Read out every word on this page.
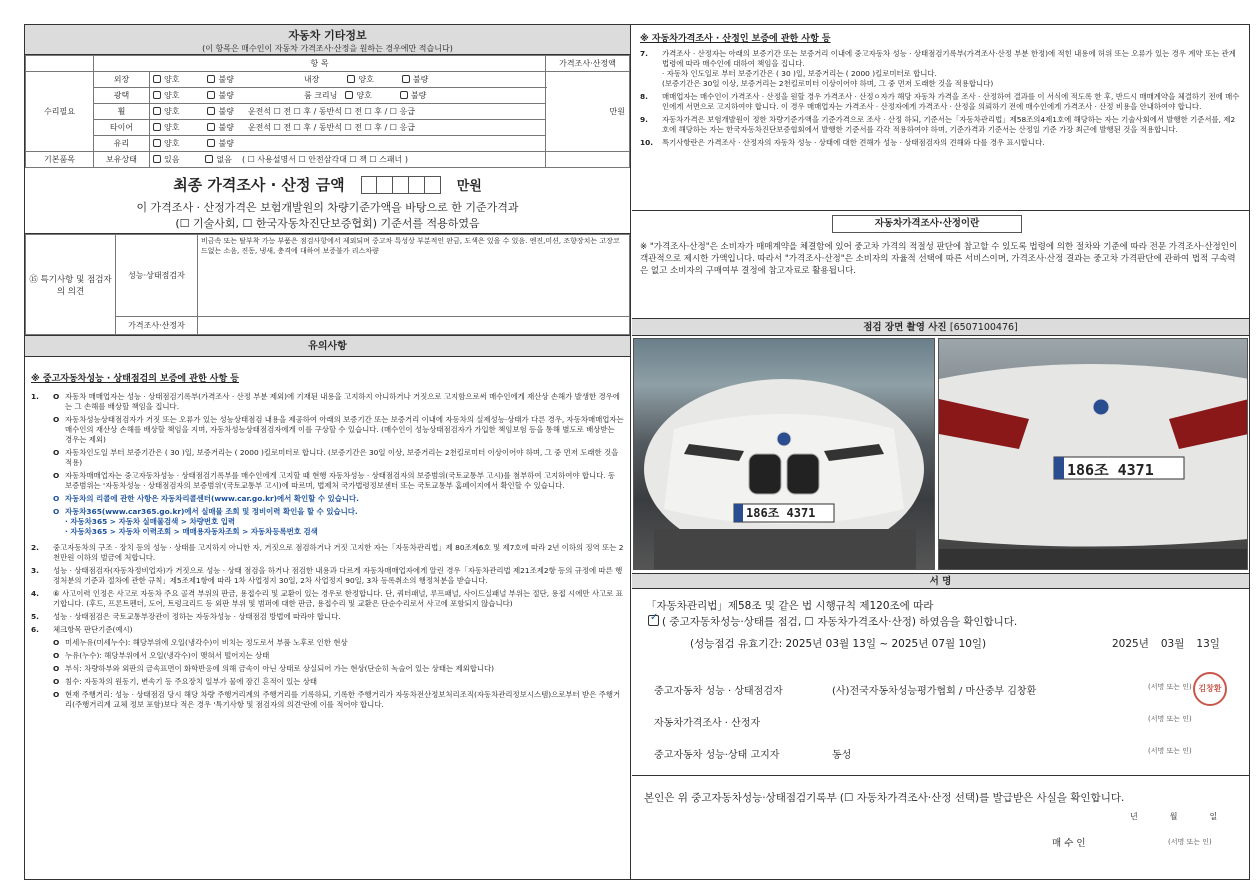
자동차 기타정보
(이 항목은 매수인이 자동차 가격조사·산정을 원하는 경우에만 적습니다)
	항 목		가격조사·산정액
수리필요	외장	양호 불량 내장 양호 불량	만원
	광택	양호 불량 룸 크리닝 양호 불량	
	휠	양호 불량 운전석 ☐ 전 ☐ 후 / 동반석 ☐ 전 ☐ 후 / ☐ 응급	
	타이어	양호 불량 운전석 ☐ 전 ☐ 후 / 동반석 ☐ 전 ☐ 후 / ☐ 응급	
	유리	양호 불량	
기본품목	보유상태	있음 없음 ( ☐ 사용설명서 ☐ 안전삼각대 ☐ 잭 ☐ 스패너 )	
최종 가격조사 · 산정 금액	만원
이 가격조사 · 산정가격은 보험개발원의 차량기준가액을 바탕으로 한 기준가격과
(☐ 기술사회, ☐ 한국자동차진단보증협회) 기준서를 적용하였음
⑮ 특기사항 및 점검자의 의견	성능·상태점검자	비금속 또는 탈부착 가능 부품은 점검사항에서 제외되며 중고차 특성상 부분적인 판금, 도색은 있을 수 있음. 엔진,미션, 조향장치는 고장코드없는 소음, 진동, 냉새, 충격에 대하여 보증불가 리스차량
	가격조사·산정자	
유의사항
※ 중고자동차성능 · 상태점검의 보증에 관한 사항 등
1.	O 자동차 매매업자는 성능 · 상태점검기록부(가격조사 · 산정 부분 제외)에 기재된 내용을 고지하지 아니하거나 거짓으로 고지함으로써 매수인에게 재산상 손해가 발생한 경우에는 그 손해를 배상할 책임을 집니다.
O 자동차성능상태점검자가 거짓 또는 오류가 있는 성능상태점검 내용을 제공하여 아래의 보증기간 또는 보증거리 이내에 자동차의 실제성능·상태가 다른 경우, 자동차매매업자는 매수인의 재산상 손해를 배상할 책임을 지며, 자동차성능상태점검자에게 이를 구상할 수 있습니다. (매수인이 성능상태점검자가 가입한 책임보험 등을 통해 별도로 배상받는 경우는 제외)
O 자동차인도일 부터 보증기간은 ( 30 )일, 보증거리는 ( 2000 )킬로미터로 합니다. (보증기간은 30일 이상, 보증거리는 2천킬로미터 이상이어야 하며, 그 중 먼저 도래한 것을 적용)
O 자동차매매업자는 중고자동차성능 · 상태점검기록부를 매수인에게 고지할 때 현행 자동차성능 · 상태점검자의 보증범위(국토교통부 고시)를 첨부하여 고지하여야 합니다. 동 보증범위는 '자동차성능 · 상태점검자의 보증범위'(국토교통부 고시)에 따르며, 법제처 국가법령정보센터 또는 국토교통부 홈페이지에서 확인할 수 있습니다.
O 자동차의 리콜에 관한 사항은 자동차리콜센터(www.car.go.kr)에서 확인할 수 있습니다.
O 자동차365(www.car365.go.kr)에서 실매물 조회 및 정비이력 확인을 할 수 있습니다.
· 자동차365 > 자동차 실매물검색 > 차량번호 입력
· 자동차365 > 자동차 이력조회 > 매매용자동차조회 > 자동차등록번호 검색
2.	중고자동차의 구조 · 장치 등의 성능 · 상태를 고지하지 아니한 자, 거짓으로 점검하거나 거짓 고지한 자는「자동차관리법」제 80조제6호 및 제7호에 따라 2년 이하의 징역 또는 2천만원 이하의 벌금에 처합니다.
3.	성능 · 상태점검자(자동차정비업자)가 거짓으로 성능 · 상태 점검을 하거나 점검한 내용과 다르게 자동차매매업자에게 알린 경우「자동차관리법 제21조제2항 등의 규정에 따른 행정처분의 기준과 절차에 관한 규칙」제5조제1항에 따라 1차 사업정지 30일, 2차 사업정지 90일, 3차 등록취소의 행정처분을 받습니다.
4.	⑥ 사고이력 인정은 사고로 자동차 주요 골격 부위의 판금, 용접수리 및 교환이 있는 경우로 한정합니다. 단, 쿼터패널, 루프패널, 사이드실패널 부위는 절단, 용접 시에만 사고로 표기합니다. (후드, 프론트펜더, 도어, 트렁크리드 등 외판 부위 및 범퍼에 대한 판금, 용접수리 및 교환은 단순수리로서 사고에 포함되지 않습니다)
5.	성능 · 상태점검은 국토교통부장관이 정하는 자동차성능 · 상태점검 방법에 따라야 합니다.
6.	체크항목 판단기준(예시)
O 미세누유(미세누수): 해당부위에 오일(냉각수)이 비치는 정도로서 부품 노후로 인한 현상
O 누유(누수): 해당부위에서 오일(냉각수)이 맺혀서 떨어지는 상태
O 부식: 차량하부와 외판의 금속표면이 화학반응에 의해 금속이 아닌 상태로 상실되어 가는 현상(단순히 녹슬어 있는 상태는 제외합니다)
O 침수: 자동차의 원동기, 변속기 등 주요장치 일부가 물에 잠긴 흔적이 있는 상태
O 현재 주행거리: 성능 · 상태점검 당시 해당 차량 주행거리계의 주행거리를 기록하되, 기록한 주행거리가 자동차전산정보처리조직(자동차관리정보시스템)으로부터 받은 주행거리(주행거리계 교체 정보 포함)보다 적은 경우 '특기사항 및 점검자의 의견'란에 이를 적어야 합니다.
※ 자동차가격조사 · 산정인 보증에 관한 사항 등
7.	가격조사 · 산정자는 아래의 보증기간 또는 보증거리 이내에 중고자동차 성능 · 상태점검기록부(가격조사·산정 부분 한정)에 적힌 내용에 허위 또는 오류가 있는 경우 계약 또는 관계법령에 따라 매수인에 대하여 책임을 집니다.
· 자동차 인도일로 부터 보증기간은 ( 30 )일, 보증거리는 ( 2000 )킬로미터로 합니다.
(보증기간은 30일 이상, 보증거리는 2천킬로미터 이상이어야 하며, 그 중 먼저 도래한 것을 적용합니다)
8.	매매업자는 매수인이 가격조사 · 산정을 원할 경우 가격조사 · 산정ㅇ자가 해당 자동차 가격을 조사 · 산정하여 결과를 이 서식에 적도록 한 후, 반드시 매매계약을 체결하기 전에 매수인에게 서면으로 고지하여야 합니다. 이 경우 매매업자는 가격조사 · 산정자에게 가격조사 · 산정을 의뢰하기 전에 매수인에게 가격조사 · 산정 비용을 안내하여야 합니다.
9.	자동차가격은 보험개발원이 정한 차량기준가액을 기준가격으로 조사 · 산정 하되, 기준서는「자동차관리법」제58조의4제1호에 해당하는 자는 기술사회에서 발행한 기준서를, 제2호에 해당하는 자는 한국자동차진단보증협회에서 발행한 기준서를 각각 적용하여야 하며, 기준가격과 기준서는 산정일 기준 가장 최근에 발행된 것을 적용합니다.
10.	특기사항란은 가격조사 · 산정자의 자동차 성능 · 상태에 대한 견해가 성능 · 상태점검자의 견해와 다를 경우 표시합니다.
자동차가격조사·산정이란
※ "가격조사·산정"은 소비자가 매매계약을 체결함에 있어 중고차 가격의 적절성 판단에 참고할 수 있도록 법령에 의한 절차와 기준에 따라 전문 가격조사·산정인이 객관적으로 제시한 가액입니다. 따라서 "가격조사·산정"은 소비자의 자율적 선택에 따른 서비스이며, 가격조사·산정 결과는 중고차 가격판단에 관하여 법적 구속력은 없고 소비자의 구매여부 결정에 참고자료로 활용됩니다.
점검 장면 촬영 사진 [6507100476]
186조 4371
186조 4371
서 명
「자동차관리법」제58조 및 같은 법 시행규칙 제120조에 따라
✓ ( 중고자동차성능·상태를 점검, ☐ 자동차가격조사·산정) 하였음을 확인합니다.
(성능점검 유효기간: 2025년 03월 13일 ~ 2025년 07월 10일)	2025년 03월 13일
중고자동차 성능 · 상태점검자	(사)전국자동차성능평가협회 / 마산중부 김창환	(서명 또는 인) 김창환
자동차가격조사 · 산정자	(서명 또는 인)
중고자동차 성능·상태 고지자	동성	(서명 또는 인)
본인은 위 중고자동차성능·상태점검기록부 (☐ 자동차가격조사·산정 선택)를 발급받은 사실을 확인합니다.
년	월	일
매 수 인	(서명 또는 인)
